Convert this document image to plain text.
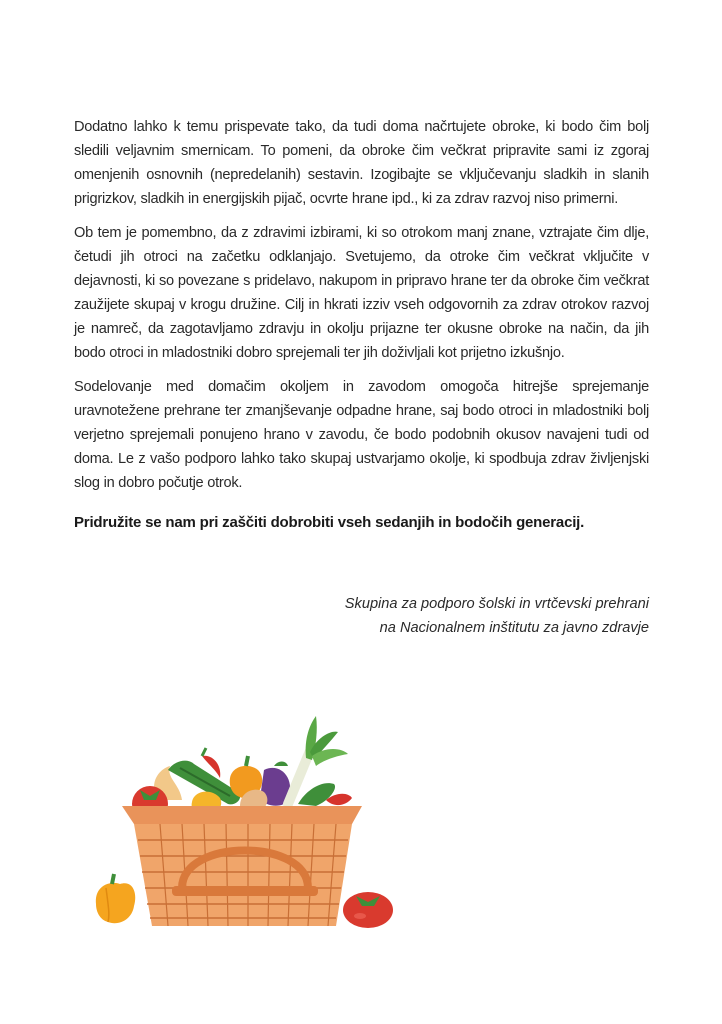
Dodatno lahko k temu prispevate tako, da tudi doma načrtujete obroke, ki bodo čim bolj sledili veljavnim smernicam. To pomeni, da obroke čim večkrat pripravite sami iz zgoraj omenjenih osnovnih (nepredelanih) sestavin. Izogibajte se vključevanju sladkih in slanih prigrizkov, sladkih in energijskih pijač, ocvrte hrane ipd., ki za zdrav razvoj niso primerni.

Ob tem je pomembno, da z zdravimi izbirami, ki so otrokom manj znane, vztrajate čim dlje, četudi jih otroci na začetku odklanjajo. Svetujemo, da otroke čim večkrat vključite v dejavnosti, ki so povezane s pridelavo, nakupom in pripravo hrane ter da obroke čim večkrat zaužijete skupaj v krogu družine. Cilj in hkrati izziv vseh odgovornih za zdrav otrokov razvoj je namreč, da zagotavljamo zdravju in okolju prijazne ter okusne obroke na način, da jih bodo otroci in mladostniki dobro sprejemali ter jih doživljali kot prijetno izkušnjo.

Sodelovanje med domačim okoljem in zavodom omogoča hitrejše sprejemanje uravnotežene prehrane ter zmanjševanje odpadne hrane, saj bodo otroci in mladostniki bolj verjetno sprejemali ponujeno hrano v zavodu, če bodo podobnih okusov navajeni tudi od doma. Le z vašo podporo lahko tako skupaj ustvarjamo okolje, ki spodbuja zdrav življenjski slog in dobro počutje otrok.

Pridružite se nam pri zaščiti dobrobiti vseh sedanjih in bodočih generacij.

Skupina za podporo šolski in vrtčevski prehrani
na Nacionalnem inštitutu za javno zdravje
